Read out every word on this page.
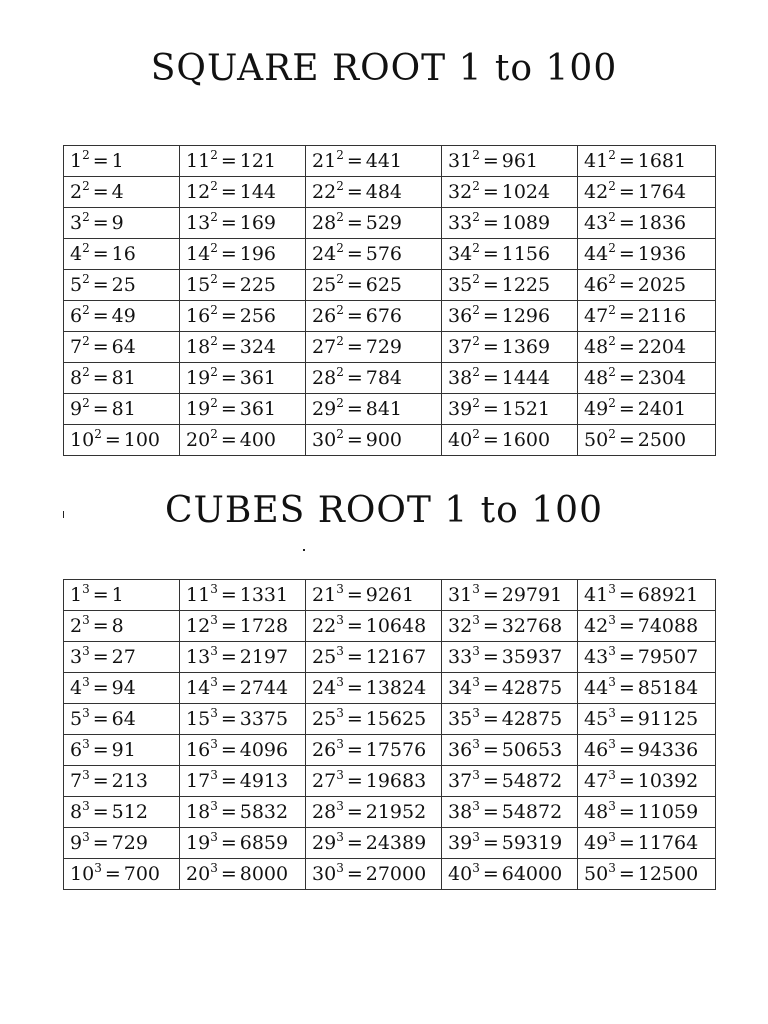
SQUARE ROOT 1 to 100
$1^2 = 1$	$11^2 = 121$	$21^2 = 441$	$31^2 = 961$	$41^2 = 1681$
$2^2 = 4$	$12^2 = 144$	$22^2 = 484$	$32^2 = 1024$	$42^2 = 1764$
$3^2 = 9$	$13^2 = 169$	$28^2 = 529$	$33^2 = 1089$	$43^2 = 1836$
$4^2 = 16$	$14^2 = 196$	$24^2 = 576$	$34^2 = 1156$	$44^2 = 1936$
$5^2 = 25$	$15^2 = 225$	$25^2 = 625$	$35^2 = 1225$	$46^2 = 2025$
$6^2 = 49$	$16^2 = 256$	$26^2 = 676$	$36^2 = 1296$	$47^2 = 2116$
$7^2 = 64$	$18^2 = 324$	$27^2 = 729$	$37^2 = 1369$	$48^2 = 2204$
$8^2 = 81$	$19^2 = 361$	$28^2 = 784$	$38^2 = 1444$	$48^2 = 2304$
$9^2 = 81$	$19^2 = 361$	$29^2 = 841$	$39^2 = 1521$	$49^2 = 2401$
$10^2 = 100$	$20^2 = 400$	$30^2 = 900$	$40^2 = 1600$	$50^2 = 2500$
CUBES ROOT 1 to 100
$1^3 = 1$	$11^3 = 1331$	$21^3 = 9261$	$31^3 = 29791$	$41^3 = 68921$
$2^3 = 8$	$12^3 = 1728$	$22^3 = 10648$	$32^3 = 32768$	$42^3 = 74088$
$3^3 = 27$	$13^3 = 2197$	$25^3 = 12167$	$33^3 = 35937$	$43^3 = 79507$
$4^3 = 94$	$14^3 = 2744$	$24^3 = 13824$	$34^3 = 42875$	$44^3 = 85184$
$5^3 = 64$	$15^3 = 3375$	$25^3 = 15625$	$35^3 = 42875$	$45^3 = 91125$
$6^3 = 91$	$16^3 = 4096$	$26^3 = 17576$	$36^3 = 50653$	$46^3 = 94336$
$7^3 = 213$	$17^3 = 4913$	$27^3 = 19683$	$37^3 = 54872$	$47^3 = 10392$
$8^3 = 512$	$18^3 = 5832$	$28^3 = 21952$	$38^3 = 54872$	$48^3 = 11059$
$9^3 = 729$	$19^3 = 6859$	$29^3 = 24389$	$39^3 = 59319$	$49^3 = 11764$
$10^3 = 700$	$20^3 = 8000$	$30^3 = 27000$	$40^3 = 64000$	$50^3 = 12500$
